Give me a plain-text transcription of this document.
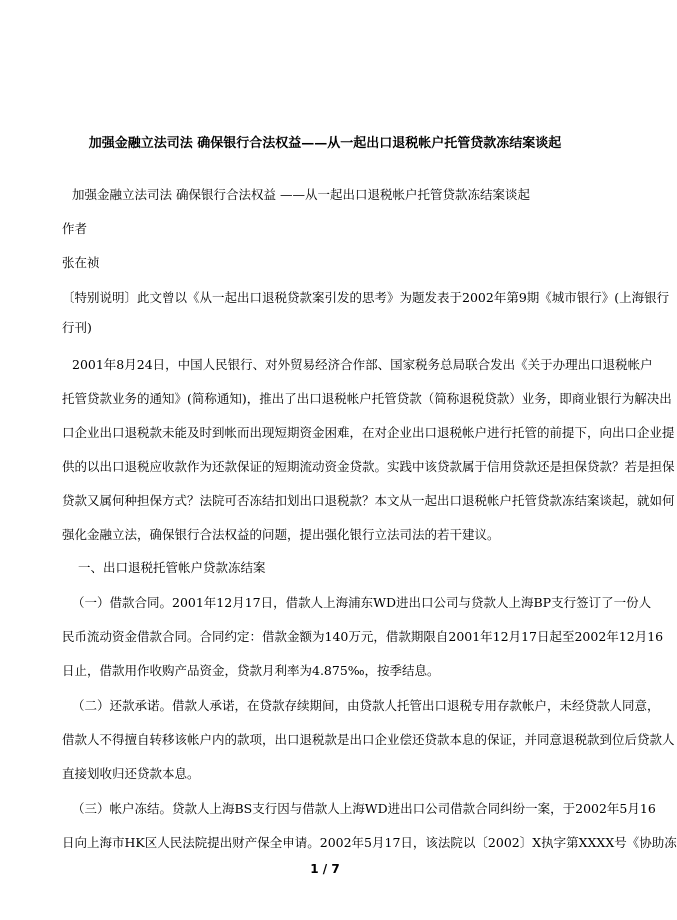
加强金融立法司法 确保银行合法权益——从一起出口退税帐户托管贷款冻结案谈起
加强金融立法司法 确保银行合法权益 ——从一起出口退税帐户托管贷款冻结案谈起
作者
张在祯
〔特别说明〕此文曾以《从一起出口退税贷款案引发的思考》为题发表于2002年第9期《城市银行》(上海银行
行刊)
2001年8月24日，中国人民银行、对外贸易经济合作部、国家税务总局联合发出《关于办理出口退税帐户
托管贷款业务的通知》(简称通知)，推出了出口退税帐户托管贷款（简称退税贷款）业务，即商业银行为解决出
口企业出口退税款未能及时到帐而出现短期资金困难，在对企业出口退税帐户进行托管的前提下，向出口企业提
供的以出口退税应收款作为还款保证的短期流动资金贷款。实践中该贷款属于信用贷款还是担保贷款？若是担保
贷款又属何种担保方式？法院可否冻结扣划出口退税款？本文从一起出口退税帐户托管贷款冻结案谈起，就如何
强化金融立法，确保银行合法权益的问题，提出强化银行立法司法的若干建议。
一、出口退税托管帐户贷款冻结案
（一）借款合同。2001年12月17日，借款人上海浦东WD进出口公司与贷款人上海BP支行签订了一份人
民币流动资金借款合同。合同约定：借款金额为140万元，借款期限自2001年12月17日起至2002年12月16
日止，借款用作收购产品资金，贷款月利率为4.875‰，按季结息。
（二）还款承诺。借款人承诺，在贷款存续期间，由贷款人托管出口退税专用存款帐户，未经贷款人同意，
借款人不得擅自转移该帐户内的款项，出口退税款是出口企业偿还贷款本息的保证，并同意退税款到位后贷款人
直接划收归还贷款本息。
（三）帐户冻结。贷款人上海BS支行因与借款人上海WD进出口公司借款合同纠纷一案，于2002年5月16
日向上海市HK区人民法院提出财产保全申请。2002年5月17日，该法院以〔2002〕X执字第XXXX号《协助冻
1 / 7
